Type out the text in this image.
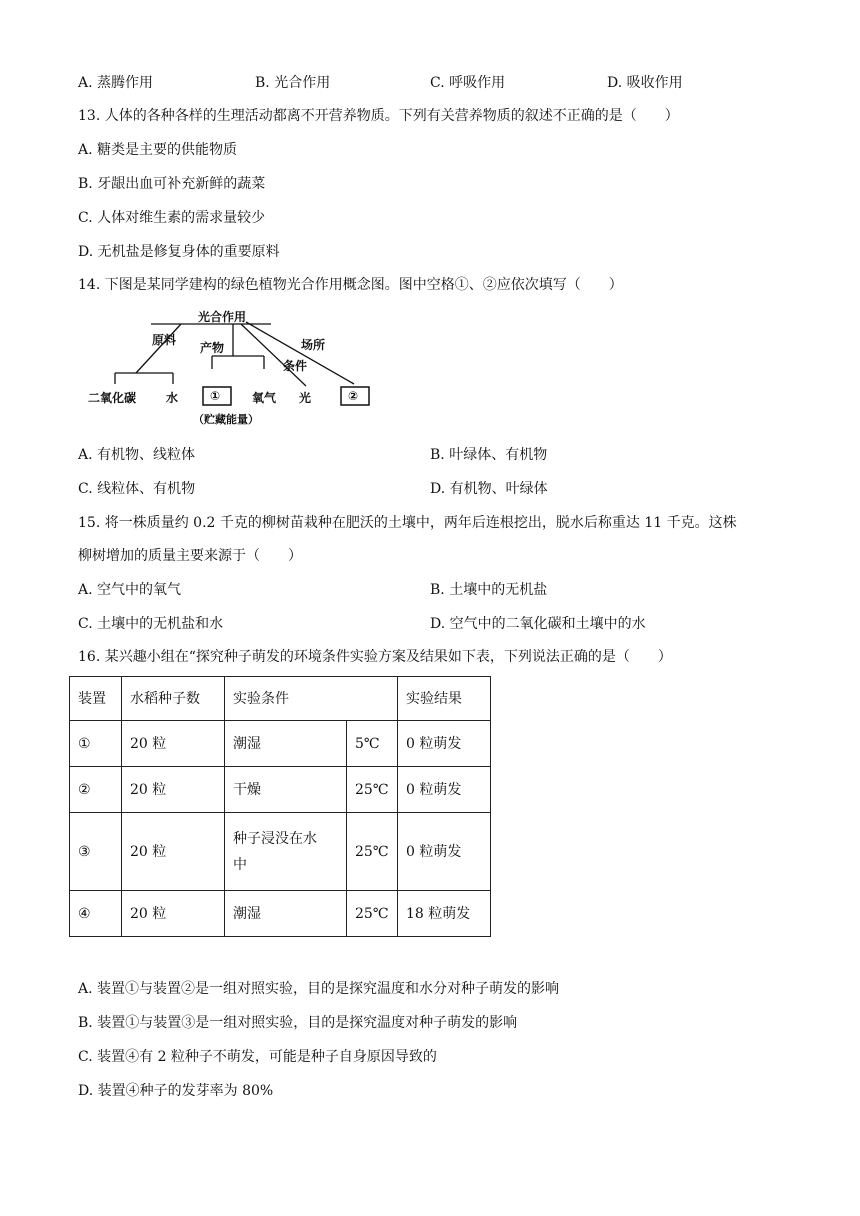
A. 蒸腾作用	B. 光合作用	C. 呼吸作用	D. 吸收作用
13. 人体的各种各样的生理活动都离不开营养物质。下列有关营养物质的叙述不正确的是（　　）
A. 糖类是主要的供能物质
B. 牙龈出血可补充新鲜的蔬菜
C. 人体对维生素的需求量较少
D. 无机盐是修复身体的重要原料
14. 下图是某同学建构的绿色植物光合作用概念图。图中空格①、②应依次填写（　　）
光合作用
原料
产物
条件
场所
二氧化碳 水	①
（贮藏能量）
氧气 光	②
A. 有机物、线粒体	B. 叶绿体、有机物
C. 线粒体、有机物	D. 有机物、叶绿体
15. 将一株质量约 0.2 千克的柳树苗栽种在肥沃的土壤中，两年后连根挖出，脱水后称重达 11 千克。这株
柳树增加的质量主要来源于（　　）
A. 空气中的氧气	B. 土壤中的无机盐
C. 土壤中的无机盐和水	D. 空气中的二氧化碳和土壤中的水
16. 某兴趣小组在“探究种子萌发的环境条件实验方案及结果如下表，下列说法正确的是（　　）
装置	水稻种子数	实验条件		实验结果
①	20 粒	潮湿	5℃	0 粒萌发
②	20 粒	干燥	25℃	0 粒萌发
③	20 粒	种子浸没在水
中	25℃	0 粒萌发
④	20 粒	潮湿	25℃	18 粒萌发
A. 装置①与装置②是一组对照实验，目的是探究温度和水分对种子萌发的影响
B. 装置①与装置③是一组对照实验，目的是探究温度对种子萌发的影响
C. 装置④有 2 粒种子不萌发，可能是种子自身原因导致的
D. 装置④种子的发芽率为 80%
